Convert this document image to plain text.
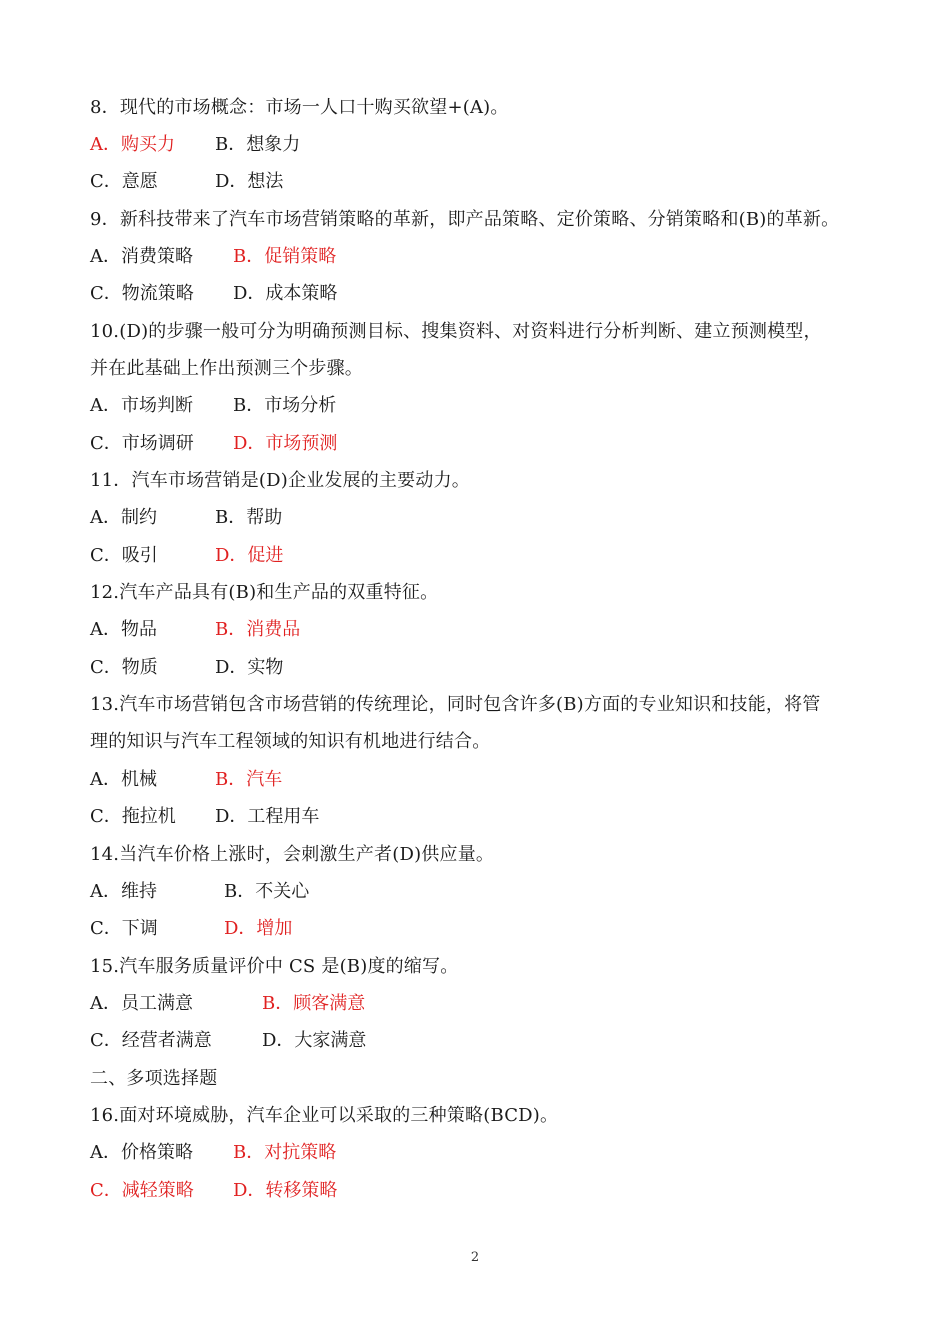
8．现代的市场概念：市场一人口十购买欲望+(A)。
A．购买力 B．想象力
C．意愿	D．想法
9．新科技带来了汽车市场营销策略的革新，即产品策略、定价策略、分销策略和(B)的革新。
A．消费策略 B．促销策略
C．物流策略 D．成本策略
10.(D)的步骤一般可分为明确预测目标、搜集资料、对资料进行分析判断、建立预测模型，
并在此基础上作出预测三个步骤。
A．市场判断 B．市场分析
C．市场调研 D．市场预测
11．汽车市场营销是(D)企业发展的主要动力。
A．制约	B．帮助
C．吸引	D．促进
12.汽车产品具有(B)和生产品的双重特征。
A．物品	B．消费品
C．物质	D．实物
13.汽车市场营销包含市场营销的传统理论，同时包含许多(B)方面的专业知识和技能，将管
理的知识与汽车工程领域的知识有机地进行结合。
A．机械	B．汽车
C．拖拉机 D．工程用车
14.当汽车价格上涨时，会刺激生产者(D)供应量。
A．维持	B．不关心
C．下调	D．增加
15.汽车服务质量评价中 CS 是(B)度的缩写。
A．员工满意	B．顾客满意
C．经营者满意	D．大家满意
二、多项选择题
16.面对环境威胁，汽车企业可以采取的三种策略(BCD)。
A．价格策略 B．对抗策略
C．减轻策略 D．转移策略
2
